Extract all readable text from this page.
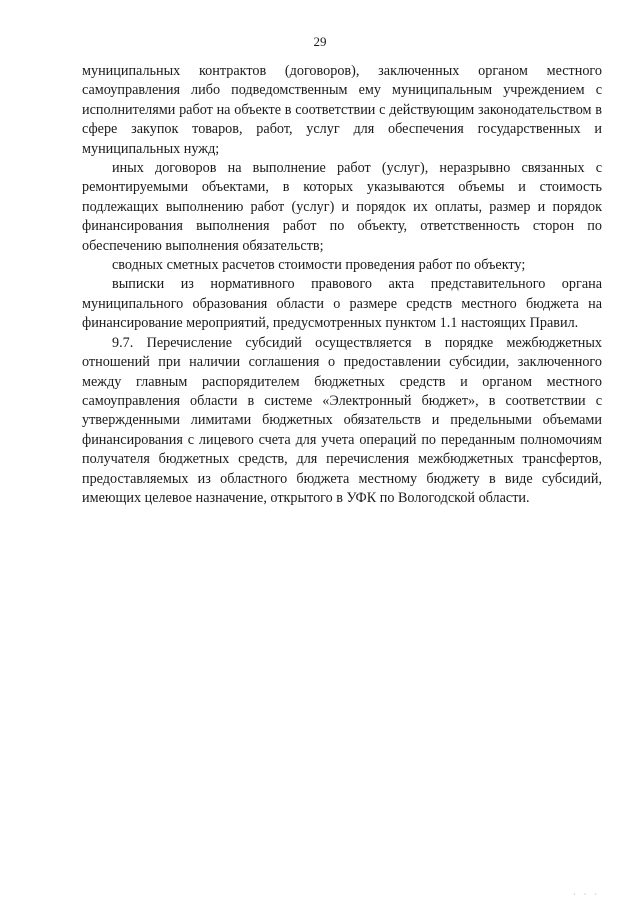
29

муниципальных контрактов (договоров), заключенных органом местного самоуправления либо подведомственным ему муниципальным учреждением с исполнителями работ на объекте в соответствии с действующим законодательством в сфере закупок товаров, работ, услуг для обеспечения государственных и муниципальных нужд;

иных договоров на выполнение работ (услуг), неразрывно связанных с ремонтируемыми объектами, в которых указываются объемы и стоимость подлежащих выполнению работ (услуг) и порядок их оплаты, размер и порядок финансирования выполнения работ по объекту, ответственность сторон по обеспечению выполнения обязательств;

сводных сметных расчетов стоимости проведения работ по объекту;

выписки из нормативного правового акта представительного органа муниципального образования области о размере средств местного бюджета на финансирование мероприятий, предусмотренных пунктом 1.1 настоящих Правил.

9.7. Перечисление субсидий осуществляется в порядке межбюджетных отношений при наличии соглашения о предоставлении субсидии, заключенного между главным распорядителем бюджетных средств и органом местного самоуправления области в системе «Электронный бюджет», в соответствии с утвержденными лимитами бюджетных обязательств и предельными объемами финансирования с лицевого счета для учета операций по переданным полномочиям получателя бюджетных средств, для перечисления межбюджетных трансфертов, предоставляемых из областного бюджета местному бюджету в виде субсидий, имеющих целевое назначение, открытого в УФК по Вологодской области.

· · ·
